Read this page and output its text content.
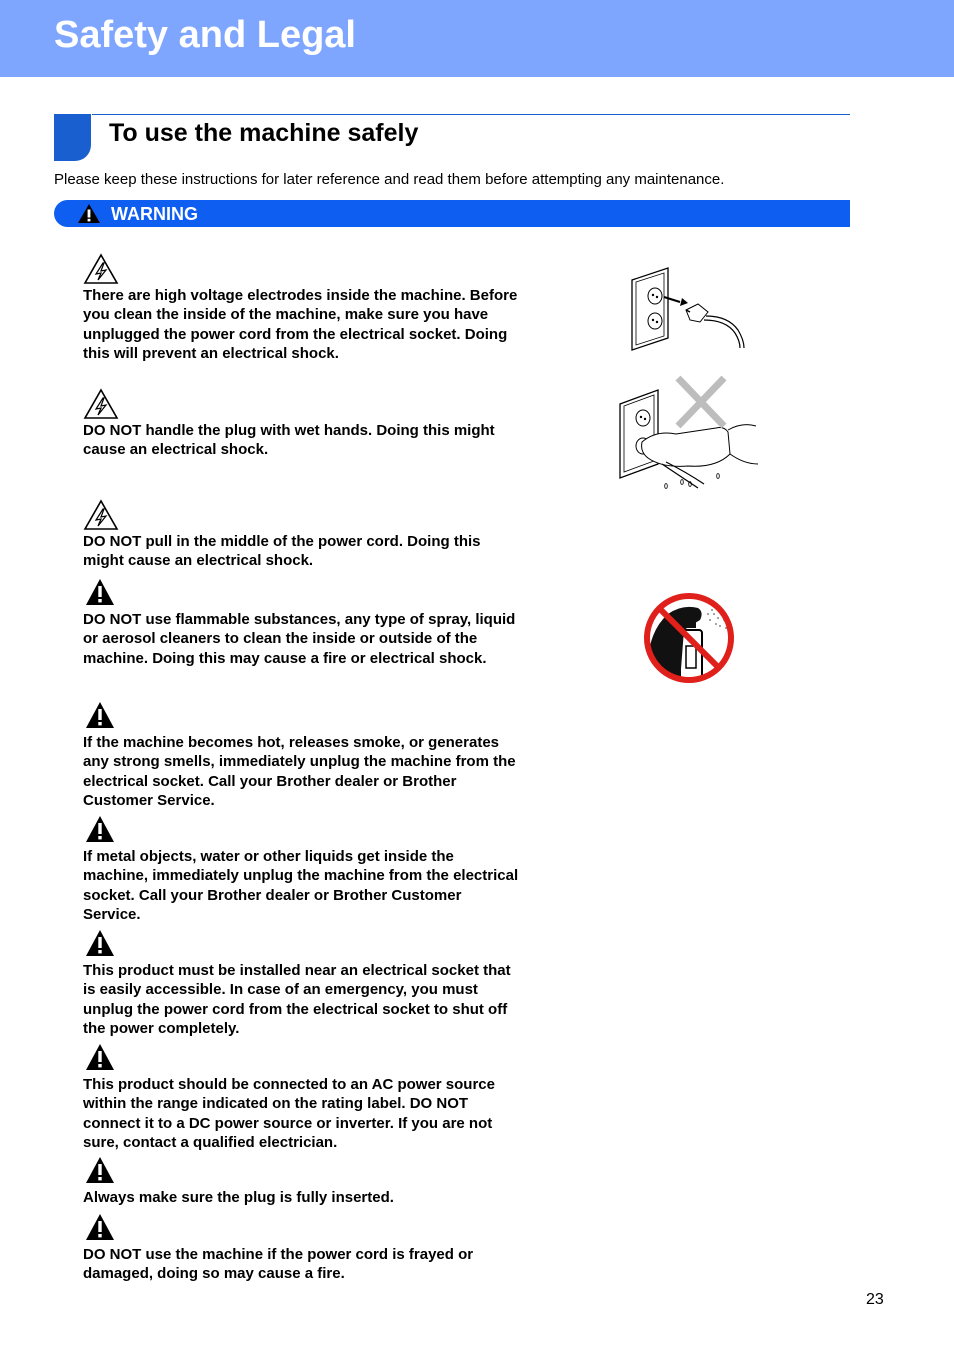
Safety and Legal
To use the machine safely
Please keep these instructions for later reference and read them before attempting any maintenance.
WARNING

There are high voltage electrodes inside the machine. Before you clean the inside of the machine, make sure you have unplugged the power cord from the electrical socket. Doing this will prevent an electrical shock.

DO NOT handle the plug with wet hands. Doing this might cause an electrical shock.

DO NOT pull in the middle of the power cord. Doing this might cause an electrical shock.

DO NOT use flammable substances, any type of spray, liquid or aerosol cleaners to clean the inside or outside of the machine. Doing this may cause a fire or electrical shock.

If the machine becomes hot, releases smoke, or generates any strong smells, immediately unplug the machine from the electrical socket. Call your Brother dealer or Brother Customer Service.

If metal objects, water or other liquids get inside the machine, immediately unplug the machine from the electrical socket. Call your Brother dealer or Brother Customer Service.

This product must be installed near an electrical socket that is easily accessible. In case of an emergency, you must unplug the power cord from the electrical socket to shut off the power completely.

This product should be connected to an AC power source within the range indicated on the rating label. DO NOT connect it to a DC power source or inverter. If you are not sure, contact a qualified electrician.

Always make sure the plug is fully inserted.

DO NOT use the machine if the power cord is frayed or damaged, doing so may cause a fire.

23
